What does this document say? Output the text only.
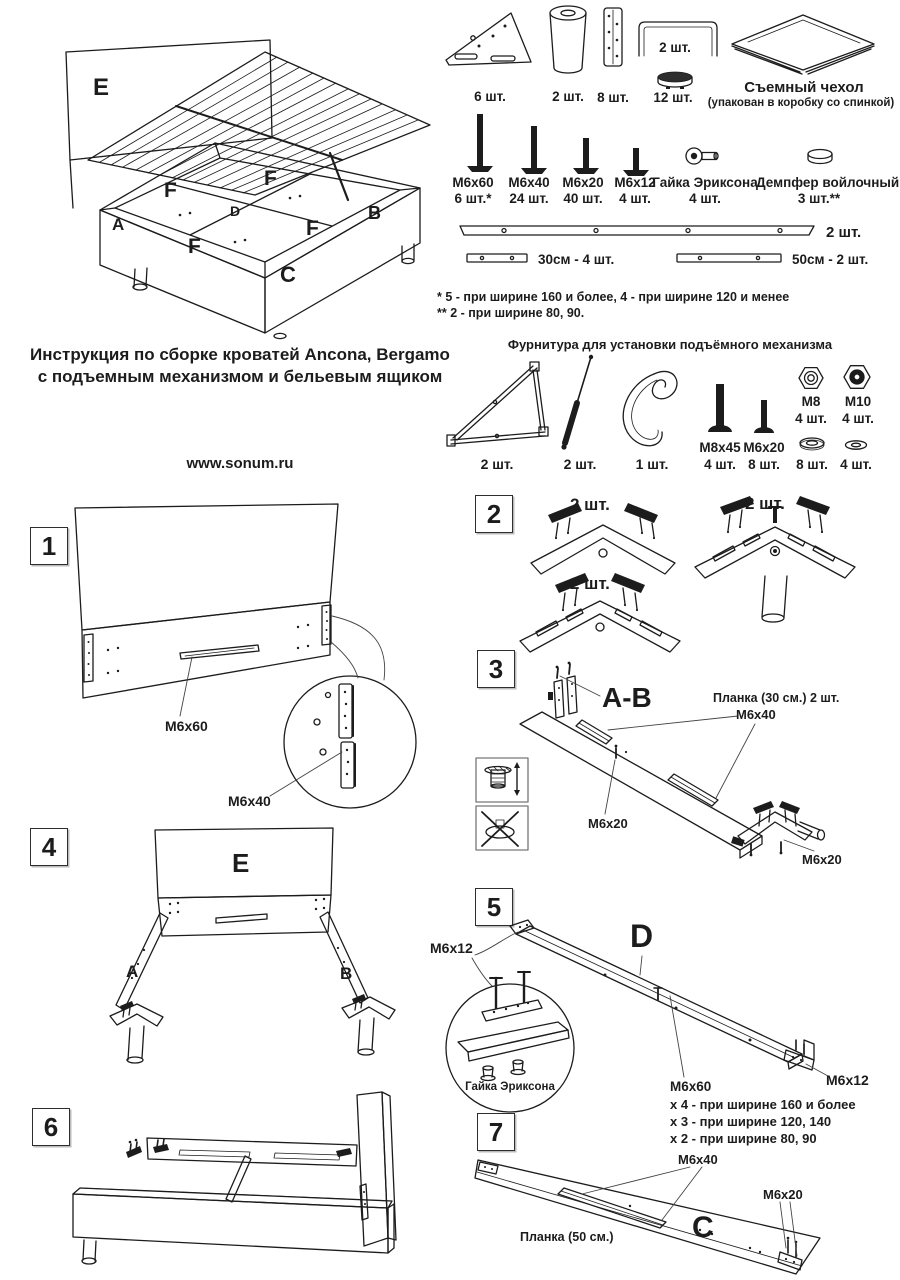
E
F
F
D
F
F
A
B
C
6 шт.	2 шт. 8 шт.
2 шт.
12 шт.
Съемный чехол
(упакован в коробку со спинкой)
М6х60
6 шт.*
М6х40
24 шт.
М6х20
40 шт.
М6х12
4 шт.
Гайка Эриксона
4 шт.
Демпфер войлочный
3 шт.**
2 шт.
30см - 4 шт.	50см - 2 шт.
* 5 - при ширине 160 и более, 4 - при ширине 120 и менее
** 2 - при ширине 80, 90.
Инструкция по сборке кроватей Ancona, Bergamo
с подъемным механизмом и бельевым ящиком
www.sonum.ru
Фурнитура для установки подъёмного механизма
2 шт.	2 шт.	1 шт.
М8х45
4 шт.
М6х20
8 шт.
М8
4 шт.
М10
4 шт.
8 шт. 4 шт.
1
М6х60
М6х40
2	2 шт.	2 шт.
2 шт.
3
A-B	Планка (30 см.) 2 шт.
М6х40
М6х20
М6х20
4
E
A	B
5
D
М6х12
М6х12
Гайка Эриксона	М6х60
x 4 - при ширине 160 и более
x 3 - при ширине 120, 140
x 2 - при ширине 80, 90
6	7
М6х40
М6х20
Планка (50 см.)	C
